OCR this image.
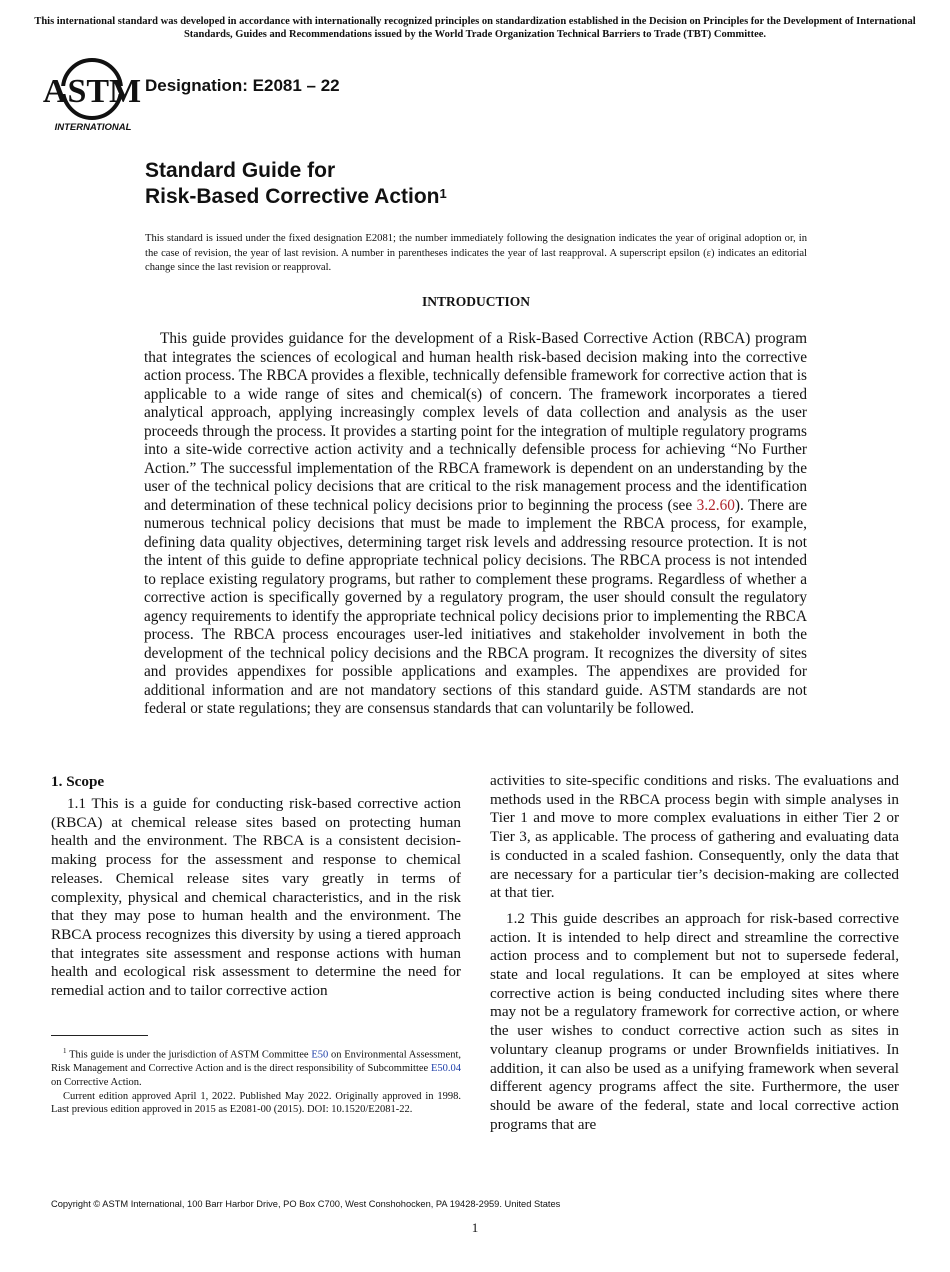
This international standard was developed in accordance with internationally recognized principles on standardization established in the Decision on Principles for the Development of International Standards, Guides and Recommendations issued by the World Trade Organization Technical Barriers to Trade (TBT) Committee.
ASTM
INTERNATIONAL
Designation: E2081 – 22
Standard Guide for
Risk-Based Corrective Action$^1$
This standard is issued under the fixed designation E2081; the number immediately following the designation indicates the year of original adoption or, in the case of revision, the year of last revision. A number in parentheses indicates the year of last reapproval. A superscript epsilon (ε) indicates an editorial change since the last revision or reapproval.
INTRODUCTION

This guide provides guidance for the development of a Risk-Based Corrective Action (RBCA) program that integrates the sciences of ecological and human health risk-based decision making into the corrective action process. The RBCA provides a flexible, technically defensible framework for corrective action that is applicable to a wide range of sites and chemical(s) of concern. The framework incorporates a tiered analytical approach, applying increasingly complex levels of data collection and analysis as the user proceeds through the process. It provides a starting point for the integration of multiple regulatory programs into a site-wide corrective action activity and a technically defensible process for achieving “No Further Action.” The successful implementation of the RBCA framework is dependent on an understanding by the user of the technical policy decisions that are critical to the risk management process and the identification and determination of these technical policy decisions prior to beginning the process (see 3.2.60). There are numerous technical policy decisions that must be made to implement the RBCA process, for example, defining data quality objectives, determining target risk levels and addressing resource protection. It is not the intent of this guide to define appropriate technical policy decisions. The RBCA process is not intended to replace existing regulatory programs, but rather to complement these programs. Regardless of whether a corrective action is specifically governed by a regulatory program, the user should consult the regulatory agency requirements to identify the appropriate technical policy decisions prior to implementing the RBCA process. The RBCA process encourages user-led initiatives and stakeholder involvement in both the development of the technical policy decisions and the RBCA program. It recognizes the diversity of sites and provides appendixes for possible applications and examples. The appendixes are provided for additional information and are not mandatory sections of this standard guide. ASTM standards are not federal or state regulations; they are consensus standards that can voluntarily be followed.

1. Scope

1.1 This is a guide for conducting risk-based corrective action (RBCA) at chemical release sites based on protecting human health and the environment. The RBCA is a consistent decision-making process for the assessment and response to chemical releases. Chemical release sites vary greatly in terms of complexity, physical and chemical characteristics, and in the risk that they may pose to human health and the environment. The RBCA process recognizes this diversity by using a tiered approach that integrates site assessment and response actions with human health and ecological risk assessment to determine the need for remedial action and to tailor corrective action

activities to site-specific conditions and risks. The evaluations and methods used in the RBCA process begin with simple analyses in Tier 1 and move to more complex evaluations in either Tier 2 or Tier 3, as applicable. The process of gathering and evaluating data is conducted in a scaled fashion. Consequently, only the data that are necessary for a particular tier’s decision-making are collected at that tier.

1.2 This guide describes an approach for risk-based corrective action. It is intended to help direct and streamline the corrective action process and to complement but not to supersede federal, state and local regulations. It can be employed at sites where corrective action is being conducted including sites where there may not be a regulatory framework for corrective action, or where the user wishes to conduct corrective action such as sites in voluntary cleanup programs or under Brownfields initiatives. In addition, it can also be used as a unifying framework when several different agency programs affect the site. Furthermore, the user should be aware of the federal, state and local corrective action programs that are

$^1$ This guide is under the jurisdiction of ASTM Committee E50 on Environmental Assessment, Risk Management and Corrective Action and is the direct responsibility of Subcommittee E50.04 on Corrective Action.

Current edition approved April 1, 2022. Published May 2022. Originally approved in 1998. Last previous edition approved in 2015 as E2081-00 (2015). DOI: 10.1520/E2081-22.

Copyright © ASTM International, 100 Barr Harbor Drive, PO Box C700, West Conshohocken, PA 19428-2959. United States
1
